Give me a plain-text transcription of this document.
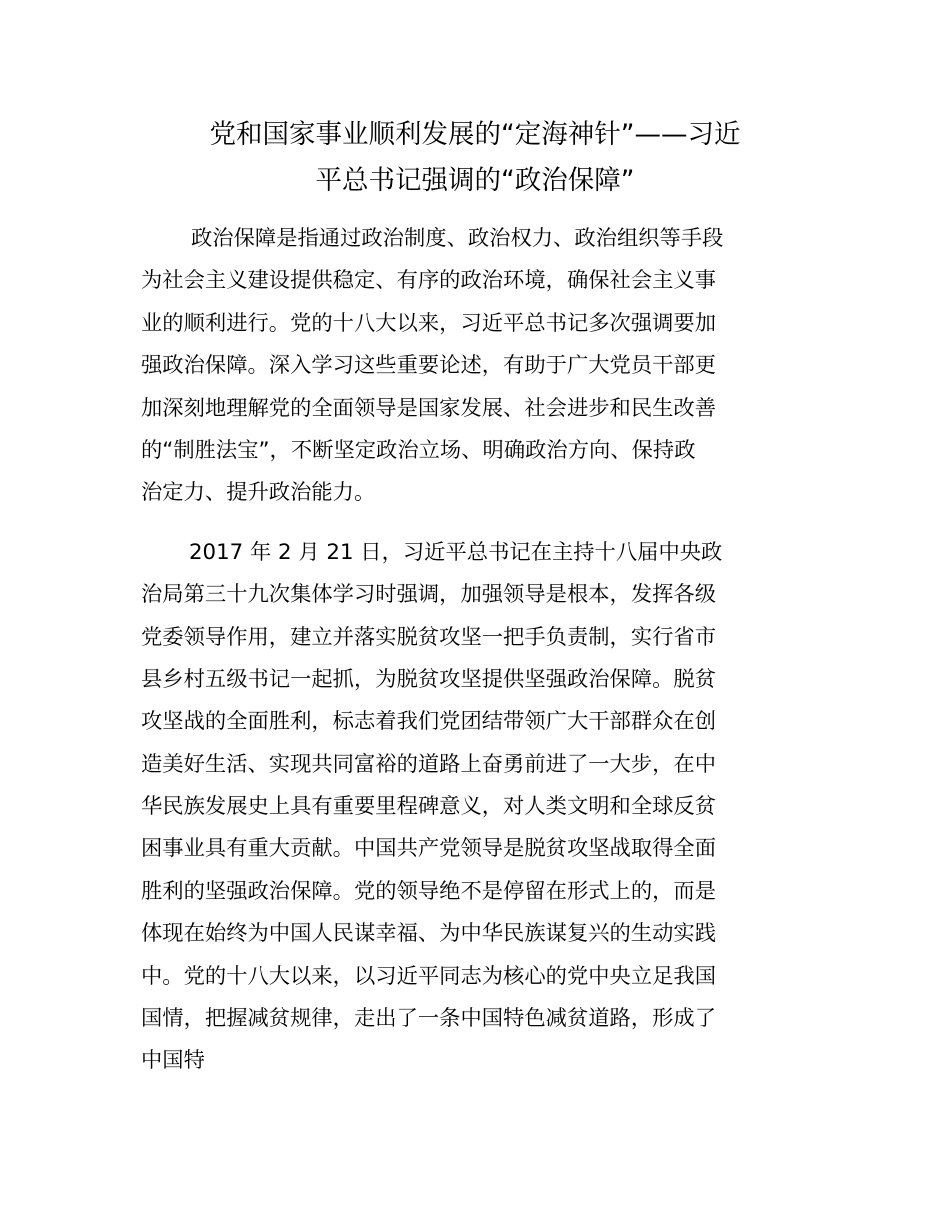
党和国家事业顺利发展的“定海神针”——习近
平总书记强调的“政治保障”

政治保障是指通过政治制度、政治权力、政治组织等手段
为社会主义建设提供稳定、有序的政治环境，确保社会主义事
业的顺利进行。党的十八大以来，习近平总书记多次强调要加
强政治保障。深入学习这些重要论述，有助于广大党员干部更
加深刻地理解党的全面领导是国家发展、社会进步和民生改善
的“制胜法宝”，不断坚定政治立场、明确政治方向、保持政
治定力、提升政治能力。

2017 年 2 月 21 日，习近平总书记在主持十八届中央政
治局第三十九次集体学习时强调，加强领导是根本，发挥各级
党委领导作用，建立并落实脱贫攻坚一把手负责制，实行省市
县乡村五级书记一起抓，为脱贫攻坚提供坚强政治保障。脱贫
攻坚战的全面胜利，标志着我们党团结带领广大干部群众在创
造美好生活、实现共同富裕的道路上奋勇前进了一大步，在中
华民族发展史上具有重要里程碑意义，对人类文明和全球反贫
困事业具有重大贡献。中国共产党领导是脱贫攻坚战取得全面
胜利的坚强政治保障。党的领导绝不是停留在形式上的，而是
体现在始终为中国人民谋幸福、为中华民族谋复兴的生动实践
中。党的十八大以来，以习近平同志为核心的党中央立足我国
国情，把握减贫规律，走出了一条中国特色减贫道路，形成了
中国特
